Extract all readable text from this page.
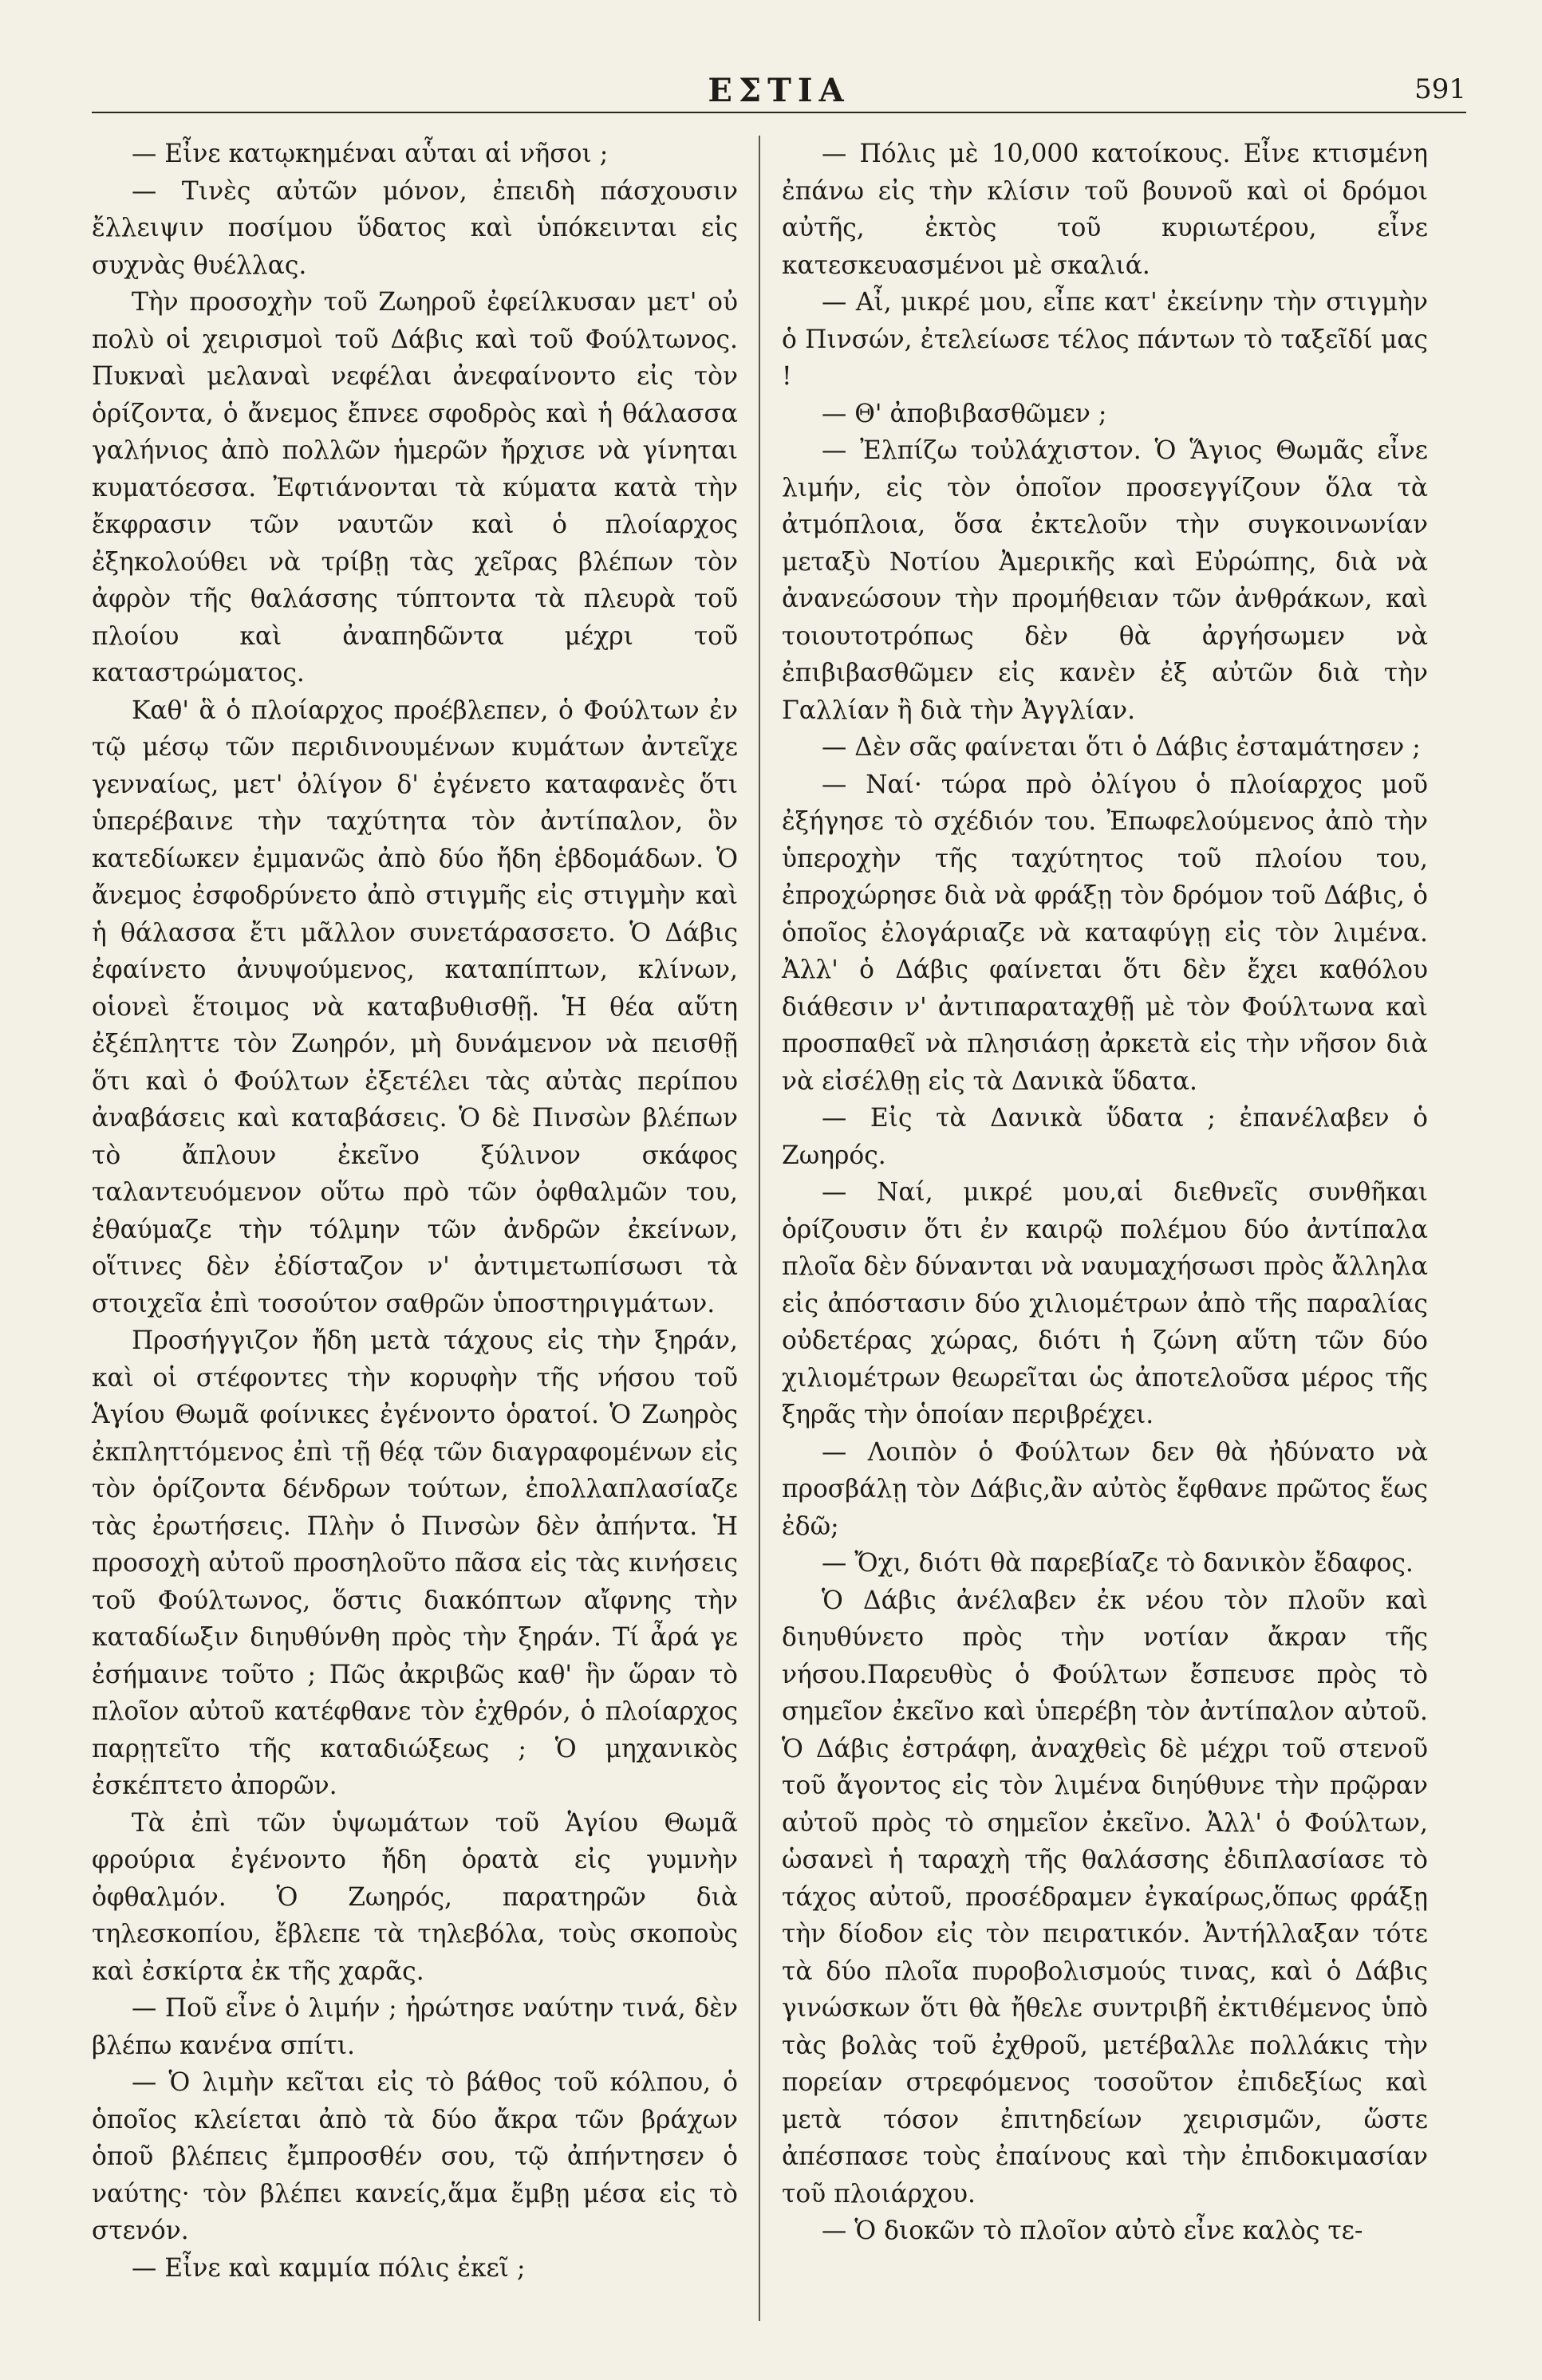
ΕΣΤΙΑ	591

— Εἶνε κατῳκημέναι αὗται αἱ νῆσοι ;

— Τινὲς αὐτῶν μόνον, ἐπειδὴ πάσχουσιν ἔλλειψιν ποσίμου ὕδατος καὶ ὑπόκεινται εἰς συχνὰς θυέλλας.

Τὴν προσοχὴν τοῦ Ζωηροῦ ἐφείλκυσαν μετ' οὐ πολὺ οἱ χειρισμοὶ τοῦ Δάβις καὶ τοῦ Φούλτωνος. Πυκναὶ μελαναὶ νεφέλαι ἀνεφαίνοντο εἰς τὸν ὁρίζοντα, ὁ ἄνεμος ἔπνεε σφοδρὸς καὶ ἡ θάλασσα γαλήνιος ἀπὸ πολλῶν ἡμερῶν ἤρχισε νὰ γίνηται κυματόεσσα. Ἐφτιάνονται τὰ κύματα κατὰ τὴν ἔκφρασιν τῶν ναυτῶν καὶ ὁ πλοίαρχος ἐξηκολούθει νὰ τρίβῃ τὰς χεῖρας βλέπων τὸν ἀφρὸν τῆς θαλάσσης τύπτοντα τὰ πλευρὰ τοῦ πλοίου καὶ ἀναπηδῶντα μέχρι τοῦ καταστρώματος.

Καθ' ἃ ὁ πλοίαρχος προέβλεπεν, ὁ Φούλτων ἐν τῷ μέσῳ τῶν περιδινουμένων κυμάτων ἀντεῖχε γενναίως, μετ' ὀλίγον δ' ἐγένετο καταφανὲς ὅτι ὑπερέβαινε τὴν ταχύτητα τὸν ἀντίπαλον, ὃν κατεδίωκεν ἐμμανῶς ἀπὸ δύο ἤδη ἑβδομάδων. Ὁ ἄνεμος ἐσφοδρύνετο ἀπὸ στιγμῆς εἰς στιγμὴν καὶ ἡ θάλασσα ἔτι μᾶλλον συνετάρασσετο. Ὁ Δάβις ἐφαίνετο ἀνυψούμενος, καταπίπτων, κλίνων, οἱονεὶ ἕτοιμος νὰ καταβυθισθῇ. Ἡ θέα αὕτη ἐξέπληττε τὸν Ζωηρόν, μὴ δυνάμενον νὰ πεισθῇ ὅτι καὶ ὁ Φούλτων ἐξετέλει τὰς αὐτὰς περίπου ἀναβάσεις καὶ καταβάσεις. Ὁ δὲ Πινσὼν βλέπων τὸ ἄπλουν ἐκεῖνο ξύλινον σκάφος ταλαντευόμενον οὕτω πρὸ τῶν ὀφθαλμῶν του, ἐθαύμαζε τὴν τόλμην τῶν ἀνδρῶν ἐκείνων, οἵτινες δὲν ἐδίσταζον ν' ἀντιμετωπίσωσι τὰ στοιχεῖα ἐπὶ τοσούτον σαθρῶν ὑποστηριγμάτων.

Προσήγγιζον ἤδη μετὰ τάχους εἰς τὴν ξηράν, καὶ οἱ στέφοντες τὴν κορυφὴν τῆς νήσου τοῦ Ἁγίου Θωμᾶ φοίνικες ἐγένοντο ὁρατοί. Ὁ Ζωηρὸς ἐκπληττόμενος ἐπὶ τῇ θέᾳ τῶν διαγραφομένων εἰς τὸν ὁρίζοντα δένδρων τούτων, ἐπολλαπλασίαζε τὰς ἐρωτήσεις. Πλὴν ὁ Πινσὼν δὲν ἀπήντα. Ἡ προσοχὴ αὐτοῦ προσηλοῦτο πᾶσα εἰς τὰς κινήσεις τοῦ Φούλτωνος, ὅστις διακόπτων αἴφνης τὴν καταδίωξιν διηυθύνθη πρὸς τὴν ξηράν. Τί ἆρά γε ἐσήμαινε τοῦτο ; Πῶς ἀκριβῶς καθ' ἣν ὥραν τὸ πλοῖον αὐτοῦ κατέφθανε τὸν ἐχθρόν, ὁ πλοίαρχος παρῃτεῖτο τῆς καταδιώξεως ; Ὁ μηχανικὸς ἐσκέπτετο ἀπορῶν.

Τὰ ἐπὶ τῶν ὑψωμάτων τοῦ Ἁγίου Θωμᾶ φρούρια ἐγένοντο ἤδη ὁρατὰ εἰς γυμνὴν ὀφθαλμόν. Ὁ Ζωηρός, παρατηρῶν διὰ τηλεσκοπίου, ἔβλεπε τὰ τηλεβόλα, τοὺς σκοποὺς καὶ ἐσκίρτα ἐκ τῆς χαρᾶς.

— Ποῦ εἶνε ὁ λιμήν ; ἠρώτησε ναύτην τινά, δὲν βλέπω κανένα σπίτι.

— Ὁ λιμὴν κεῖται εἰς τὸ βάθος τοῦ κόλπου, ὁ ὁποῖος κλείεται ἀπὸ τὰ δύο ἄκρα τῶν βράχων ὁποῦ βλέπεις ἔμπροσθέν σου, τῷ ἀπήντησεν ὁ ναύτης· τὸν βλέπει κανείς,ἅμα ἔμβῃ μέσα εἰς τὸ στενόν.

— Εἶνε καὶ καμμία πόλις ἐκεῖ ;

— Πόλις μὲ 10,000 κατοίκους. Εἶνε κτισμένη ἐπάνω εἰς τὴν κλίσιν τοῦ βουνοῦ καὶ οἱ δρόμοι αὐτῆς, ἐκτὸς τοῦ κυριωτέρου, εἶνε κατεσκευασμένοι μὲ σκαλιά.

— Αἶ, μικρέ μου, εἶπε κατ' ἐκείνην τὴν στιγμὴν ὁ Πινσών, ἐτελείωσε τέλος πάντων τὸ ταξεῖδί μας !

— Θ' ἀποβιβασθῶμεν ;

— Ἐλπίζω τοὐλάχιστον. Ὁ Ἅγιος Θωμᾶς εἶνε λιμήν, εἰς τὸν ὁποῖον προσεγγίζουν ὅλα τὰ ἀτμόπλοια, ὅσα ἐκτελοῦν τὴν συγκοινωνίαν μεταξὺ Νοτίου Ἀμερικῆς καὶ Εὐρώπης, διὰ νὰ ἀνανεώσουν τὴν προμήθειαν τῶν ἀνθράκων, καὶ τοιουτοτρόπως δὲν θὰ ἀργήσωμεν νὰ ἐπιβιβασθῶμεν εἰς κανὲν ἐξ αὐτῶν διὰ τὴν Γαλλίαν ἢ διὰ τὴν Ἀγγλίαν.

— Δὲν σᾶς φαίνεται ὅτι ὁ Δάβις ἐσταμάτησεν ;

— Ναί· τώρα πρὸ ὀλίγου ὁ πλοίαρχος μοῦ ἐξήγησε τὸ σχέδιόν του. Ἐπωφελούμενος ἀπὸ τὴν ὑπεροχὴν τῆς ταχύτητος τοῦ πλοίου του, ἐπροχώρησε διὰ νὰ φράξῃ τὸν δρόμον τοῦ Δάβις, ὁ ὁποῖος ἐλογάριαζε νὰ καταφύγῃ εἰς τὸν λιμένα. Ἀλλ' ὁ Δάβις φαίνεται ὅτι δὲν ἔχει καθόλου διάθεσιν ν' ἀντιπαραταχθῇ μὲ τὸν Φούλτωνα καὶ προσπαθεῖ νὰ πλησιάσῃ ἀρκετὰ εἰς τὴν νῆσον διὰ νὰ εἰσέλθῃ εἰς τὰ Δανικὰ ὕδατα.

— Εἰς τὰ Δανικὰ ὕδατα ; ἐπανέλαβεν ὁ Ζωηρός.

— Ναί, μικρέ μου,αἱ διεθνεῖς συνθῆκαι ὁρίζουσιν ὅτι ἐν καιρῷ πολέμου δύο ἀντίπαλα πλοῖα δὲν δύνανται νὰ ναυμαχήσωσι πρὸς ἄλληλα εἰς ἀπόστασιν δύο χιλιομέτρων ἀπὸ τῆς παραλίας οὐδετέρας χώρας, διότι ἡ ζώνη αὕτη τῶν δύο χιλιομέτρων θεωρεῖται ὡς ἀποτελοῦσα μέρος τῆς ξηρᾶς τὴν ὁποίαν περιβρέχει.

— Λοιπὸν ὁ Φούλτων δεν θὰ ἠδύνατο νὰ προσβάλῃ τὸν Δάβις,ἂν αὐτὸς ἔφθανε πρῶτος ἕως ἐδῶ;

— Ὄχι, διότι θὰ παρεβίαζε τὸ δανικὸν ἔδαφος.

Ὁ Δάβις ἀνέλαβεν ἐκ νέου τὸν πλοῦν καὶ διηυθύνετο πρὸς τὴν νοτίαν ἄκραν τῆς νήσου.Παρευθὺς ὁ Φούλτων ἔσπευσε πρὸς τὸ σημεῖον ἐκεῖνο καὶ ὑπερέβη τὸν ἀντίπαλον αὐτοῦ. Ὁ Δάβις ἐστράφη, ἀναχθεὶς δὲ μέχρι τοῦ στενοῦ τοῦ ἄγοντος εἰς τὸν λιμένα διηύθυνε τὴν πρῷραν αὐτοῦ πρὸς τὸ σημεῖον ἐκεῖνο. Ἀλλ' ὁ Φούλτων, ὡσανεὶ ἡ ταραχὴ τῆς θαλάσσης ἐδιπλασίασε τὸ τάχος αὐτοῦ, προσέδραμεν ἐγκαίρως,ὅπως φράξῃ τὴν δίοδον εἰς τὸν πειρατικόν. Ἀντήλλαξαν τότε τὰ δύο πλοῖα πυροβολισμούς τινας, καὶ ὁ Δάβις γινώσκων ὅτι θὰ ἤθελε συντριβῆ ἐκτιθέμενος ὑπὸ τὰς βολὰς τοῦ ἐχθροῦ, μετέβαλλε πολλάκις τὴν πορείαν στρεφόμενος τοσοῦτον ἐπιδεξίως καὶ μετὰ τόσον ἐπιτηδείων χειρισμῶν, ὥστε ἀπέσπασε τοὺς ἐπαίνους καὶ τὴν ἐπιδοκιμασίαν τοῦ πλοιάρχου.

— Ὁ διοκῶν τὸ πλοῖον αὐτὸ εἶνε καλὸς τε-
